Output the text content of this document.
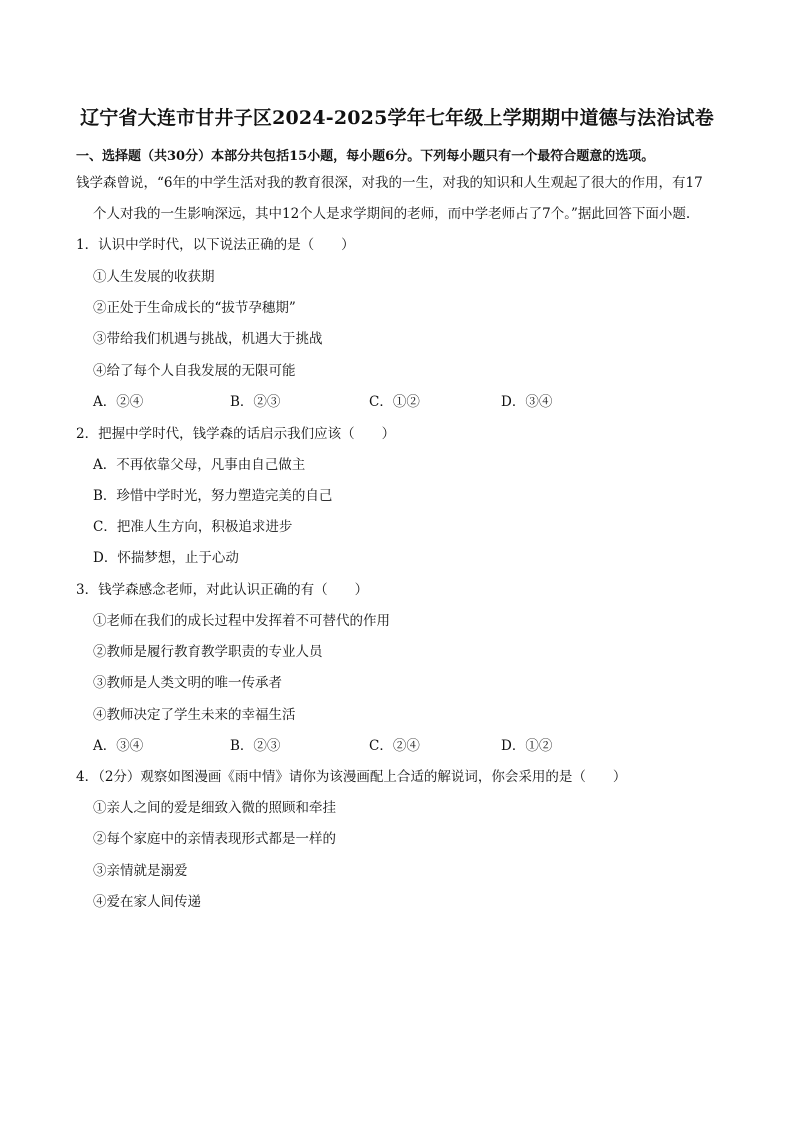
辽宁省大连市甘井子区2024-2025学年七年级上学期期中道德与法治试卷
一、选择题（共30分）本部分共包括15小题，每小题6分。下列每小题只有一个最符合题意的选项。
钱学森曾说，“6年的中学生活对我的教育很深，对我的一生，对我的知识和人生观起了很大的作用，有17
个人对我的一生影响深远，其中12个人是求学期间的老师，而中学老师占了7个。”据此回答下面小题.
1．认识中学时代，以下说法正确的是（　　）
①人生发展的收获期
②正处于生命成长的“拔节孕穗期”
③带给我们机遇与挑战，机遇大于挑战
④给了每个人自我发展的无限可能
A．②④	B．②③	C．①②	D．③④
2．把握中学时代，钱学森的话启示我们应该（　　）
A．不再依靠父母，凡事由自己做主
B．珍惜中学时光，努力塑造完美的自己
C．把准人生方向，积极追求进步
D．怀揣梦想，止于心动
3．钱学森感念老师，对此认识正确的有（　　）
①老师在我们的成长过程中发挥着不可替代的作用
②教师是履行教育教学职责的专业人员
③教师是人类文明的唯一传承者
④教师决定了学生未来的幸福生活
A．③④	B．②③	C．②④	D．①②
4．（2分）观察如图漫画《雨中情》请你为该漫画配上合适的解说词，你会采用的是（　　）
②每个家庭中的亲情表现形式都是一样的
①亲人之间的爱是细致入微的照顾和牵挂
③亲情就是溺爱
④爱在家人间传递
